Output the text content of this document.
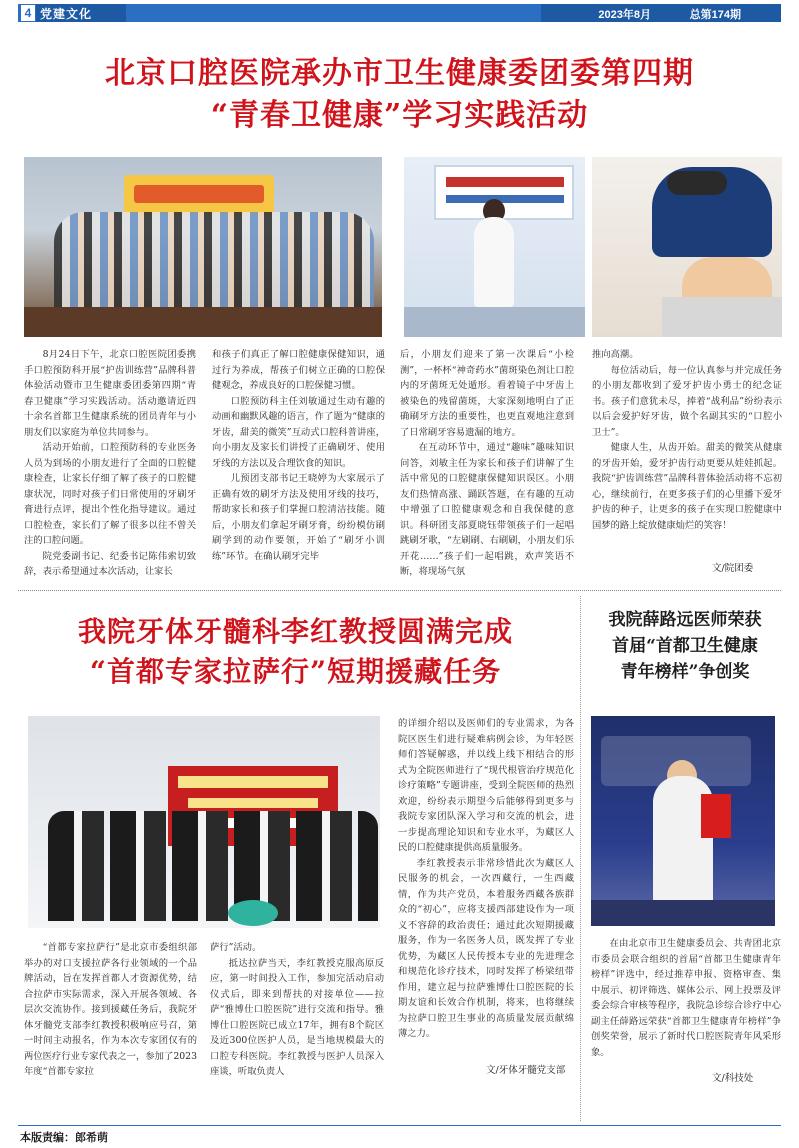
4 党建文化	2023年8月	总第174期
北京口腔医院承办市卫生健康委团委第四期
“青春卫健康”学习实践活动

8月24日下午，北京口腔医院团委携手口腔预防科开展“护齿训练营”品牌科普体验活动暨市卫生健康委团委第四期“青春卫健康”学习实践活动。活动邀请近四十余名首都卫生健康系统的团员青年与小朋友们以家庭为单位共同参与。

活动开始前，口腔预防科的专业医务人员为到场的小朋友进行了全面的口腔健康检查，让家长仔细了解了孩子的口腔健康状况，同时对孩子们日常使用的牙刷牙膏进行点评，提出个性化指导建议。通过口腔检查，家长们了解了很多以往不曾关注的口腔问题。

院党委副书记、纪委书记陈伟索切致辞，表示希望通过本次活动，让家长

和孩子们真正了解口腔健康保健知识，通过行为养成，帮孩子们树立正确的口腔保健观念，养成良好的口腔保健习惯。

口腔预防科主任刘敏通过生动有趣的动画和幽默风趣的语言，作了题为“健康的牙齿，甜美的微笑”互动式口腔科普讲座，向小朋友及家长们讲授了正确刷牙、使用牙线的方法以及合理饮食的知识。

儿预团支部书记王晓婷为大家展示了正确有效的刷牙方法及使用牙线的技巧，帮助家长和孩子们掌握口腔清洁技能。随后，小朋友们拿起牙刷牙膏，纷纷模仿刷刷学到的动作要领，开始了“刷牙小训练”环节。在确认刷牙完毕

后，小朋友们迎来了第一次课后“小检测”，一杯杯“神奇药水”菌斑染色剂让口腔内的牙菌斑无处遁形。看着镜子中牙齿上被染色的残留菌斑，大家深刻地明白了正确刷牙方法的重要性，也更直观地注意到了日常刷牙容易遗漏的地方。

在互动环节中，通过“趣味”趣味知识问答，刘敏主任为家长和孩子们讲解了生活中常见的口腔健康保健知识误区。小朋友们热情高涨、踊跃答题，在有趣的互动中增强了口腔健康观念和自我保健的意识。科研团支部夏晓钰带领孩子们一起唱跳刷牙歌，“左刷刷、右刷刷，小朋友们乐开花……”孩子们一起唱跳，欢声笑语不断，将现场气氛

推向高潮。

每位活动后，每一位认真参与并完成任务的小朋友都收到了爱牙护齿小勇士的纪念证书。孩子们意犹未尽，捧着“战利品”纷纷表示以后会爱护好牙齿，做个名副其实的“口腔小卫士”。

健康人生，从齿开始。甜美的微笑从健康的牙齿开始，爱牙护齿行动更要从娃娃抓起。我院“护齿训练营”品牌科普体验活动将不忘初心，继续前行，在更多孩子们的心里播下爱牙护齿的种子，让更多的孩子在实现口腔健康中国梦的路上绽放健康灿烂的笑容！

文/院团委
我院牙体牙髓科李红教授圆满完成
“首都专家拉萨行”短期援藏任务

“首都专家拉萨行”是北京市委组织部举办的对口支援拉萨各行业领域的一个品牌活动，旨在发挥首都人才资源优势，结合拉萨市实际需求，深入开展各领域、各层次交流协作。接到援藏任务后，我院牙体牙髓党支部李红教授积极响应号召，第一时间主动报名，作为本次专家团仅有的两位医疗行业专家代表之一，参加了2023年度“首都专家拉

萨行”活动。

抵达拉萨当天，李红教授克服高原反应，第一时间投入工作，参加完活动启动仪式后，即来到帮扶的对接单位——拉萨“雅博仕口腔医院”进行交流和指导。雅博仕口腔医院已成立17年，拥有8个院区及近300位医护人员，是当地规模最大的口腔专科医院。李红教授与医护人员深入座谈，听取负责人

的详细介绍以及医师们的专业需求，为各院区医生们进行疑难病例会诊，为年轻医师们答疑解惑，并以线上线下相结合的形式为全院医师进行了“现代根管治疗规范化诊疗策略”专题讲座，受到全院医师的热烈欢迎，纷纷表示期望今后能够得到更多与我院专家团队深入学习和交流的机会，进一步提高理论知识和专业水平，为藏区人民的口腔健康提供高质量服务。

李红教授表示非常珍惜此次为藏区人民服务的机会，一次西藏行，一生西藏情，作为共产党员，本着服务西藏各族群众的“初心”，应将支援西部建设作为一项义不容辞的政治责任；通过此次短期援藏服务，作为一名医务人员，既发挥了专业优势，为藏区人民传授本专业的先进理念和规范化诊疗技术，同时发挥了桥梁纽带作用，建立起与拉萨雅博仕口腔医院的长期友谊和长效合作机制，将来，也将继续为拉萨口腔卫生事业的高质量发展贡献绵薄之力。

文/牙体牙髓党支部
我院薛路远医师荣获
首届“首都卫生健康
青年榜样”争创奖

在由北京市卫生健康委员会、共青团北京市委员会联合组织的首届“首都卫生健康青年榜样”评选中，经过推荐申报、资格审查、集中展示、初评筛选、媒体公示、网上投票及评委会综合审核等程序，我院急诊综合诊疗中心副主任薛路远荣获“首都卫生健康青年榜样”争创奖荣誉，展示了新时代口腔医院青年风采形象。

文/科技处
本版责编：郎希萌
